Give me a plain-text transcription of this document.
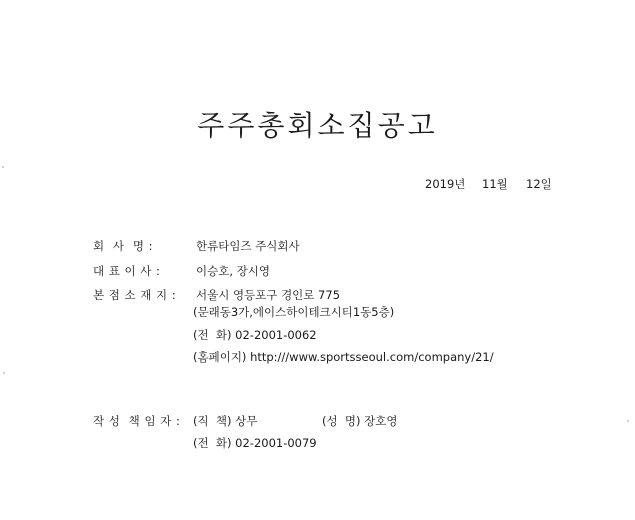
주주총회소집공고
2019년 11월 12일
회  사  명 :	한류타임즈 주식회사
대 표 이 사 :	이승호, 장시영
본 점 소 재 지 : 서울시 영등포구 경인로 775
(문래동3가,에이스하이테크시티1동5층)
(전  화) 02-2001-0062
(홈페이지) http:///www.sportsseoul.com/company/21/
작 성  책 임 자 : (직  책) 상무	(성  명) 장호영
(전  화) 02-2001-0079
